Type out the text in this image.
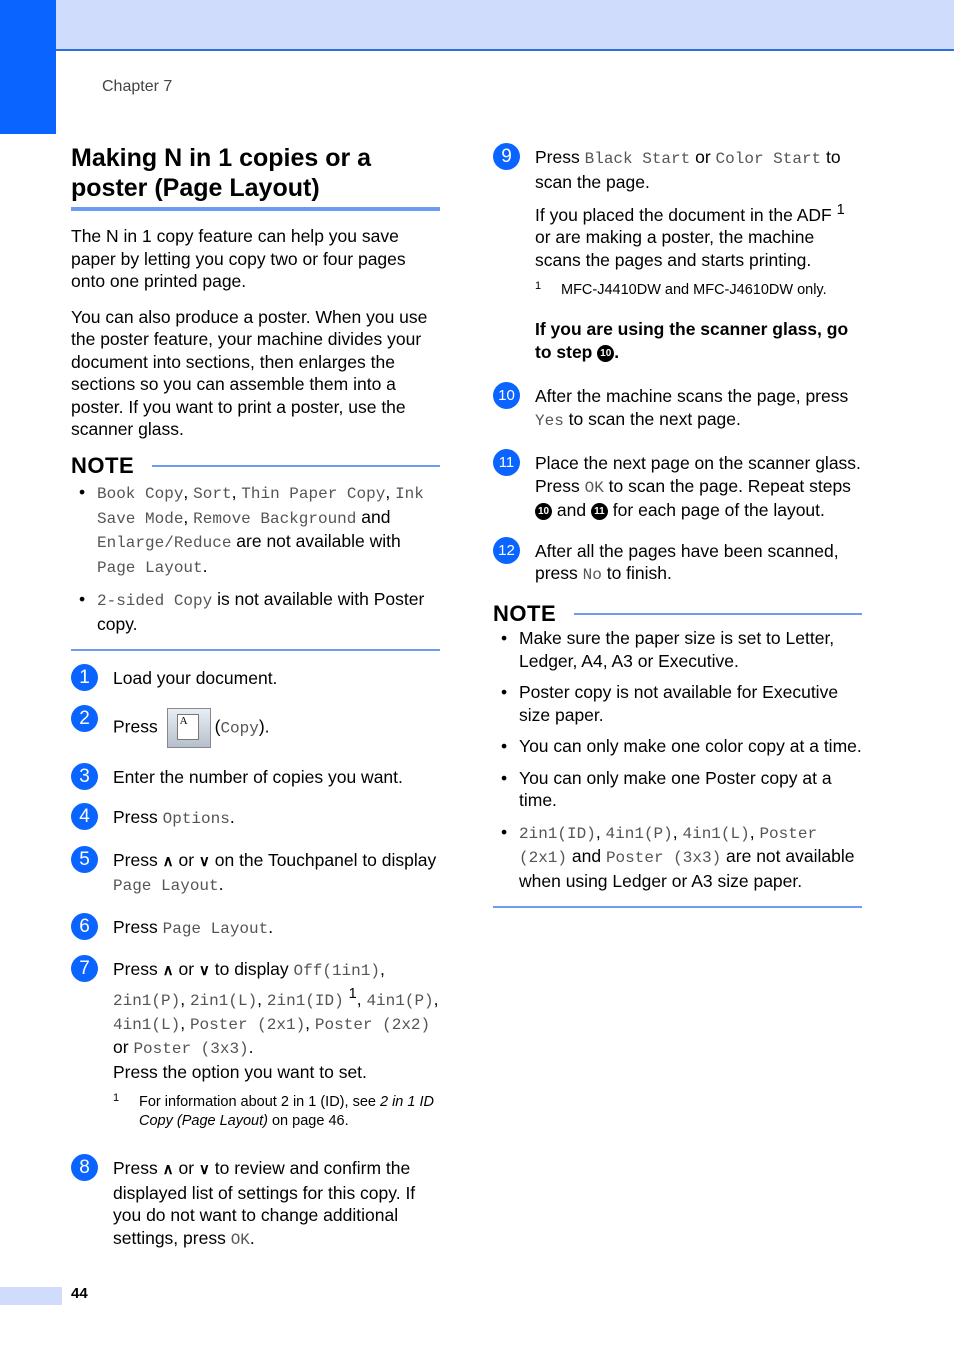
Chapter 7
Making N in 1 copies or a poster (Page Layout)

The N in 1 copy feature can help you save paper by letting you copy two or four pages onto one printed page.

You can also produce a poster. When you use the poster feature, your machine divides your document into sections, then enlarges the sections so you can assemble them into a poster. If you want to print a poster, use the scanner glass.

NOTE
• Book Copy, Sort, Thin Paper Copy, Ink Save Mode, Remove Background and Enlarge/Reduce are not available with Page Layout.
• 2-sided Copy is not available with Poster copy.
1	Load your document.
2	Press A	(Copy).
3	Enter the number of copies you want.
4	Press Options.
5	Press ∧ or ∨ on the Touchpanel to display Page Layout.
6	Press Page Layout.
7	Press ∧ or ∨ to display Off(1in1), 2in1(P), 2in1(L), 2in1(ID) $^1$, 4in1(P), 4in1(L), Poster (2x1), Poster (2x2) or Poster (3x3).

Press the option you want to set.

1 For information about 2 in 1 (ID), see 2 in 1 ID Copy (Page Layout) on page 46.
8	Press ∧ or ∨ to review and confirm the displayed list of settings for this copy. If you do not want to change additional settings, press OK.
9	Press Black Start or Color Start to scan the page.

If you placed the document in the ADF $^1$ or are making a poster, the machine scans the pages and starts printing.

1 MFC-J4410DW and MFC-J4610DW only.

If you are using the scanner glass, go to step 10 .

10 After the machine scans the page, press Yes to scan the next page.
11	Place the next page on the scanner glass. Press OK to scan the page. Repeat steps 10 and 11 for each page of the layout.
12 After all the pages have been scanned, press No to finish.
NOTE
• Make sure the paper size is set to Letter, Ledger, A4, A3 or Executive.
• Poster copy is not available for Executive size paper.
• You can only make one color copy at a time.
• You can only make one Poster copy at a time.
• 2in1(ID), 4in1(P), 4in1(L), Poster (2x1) and Poster (3x3) are not available when using Ledger or A3 size paper.
44
